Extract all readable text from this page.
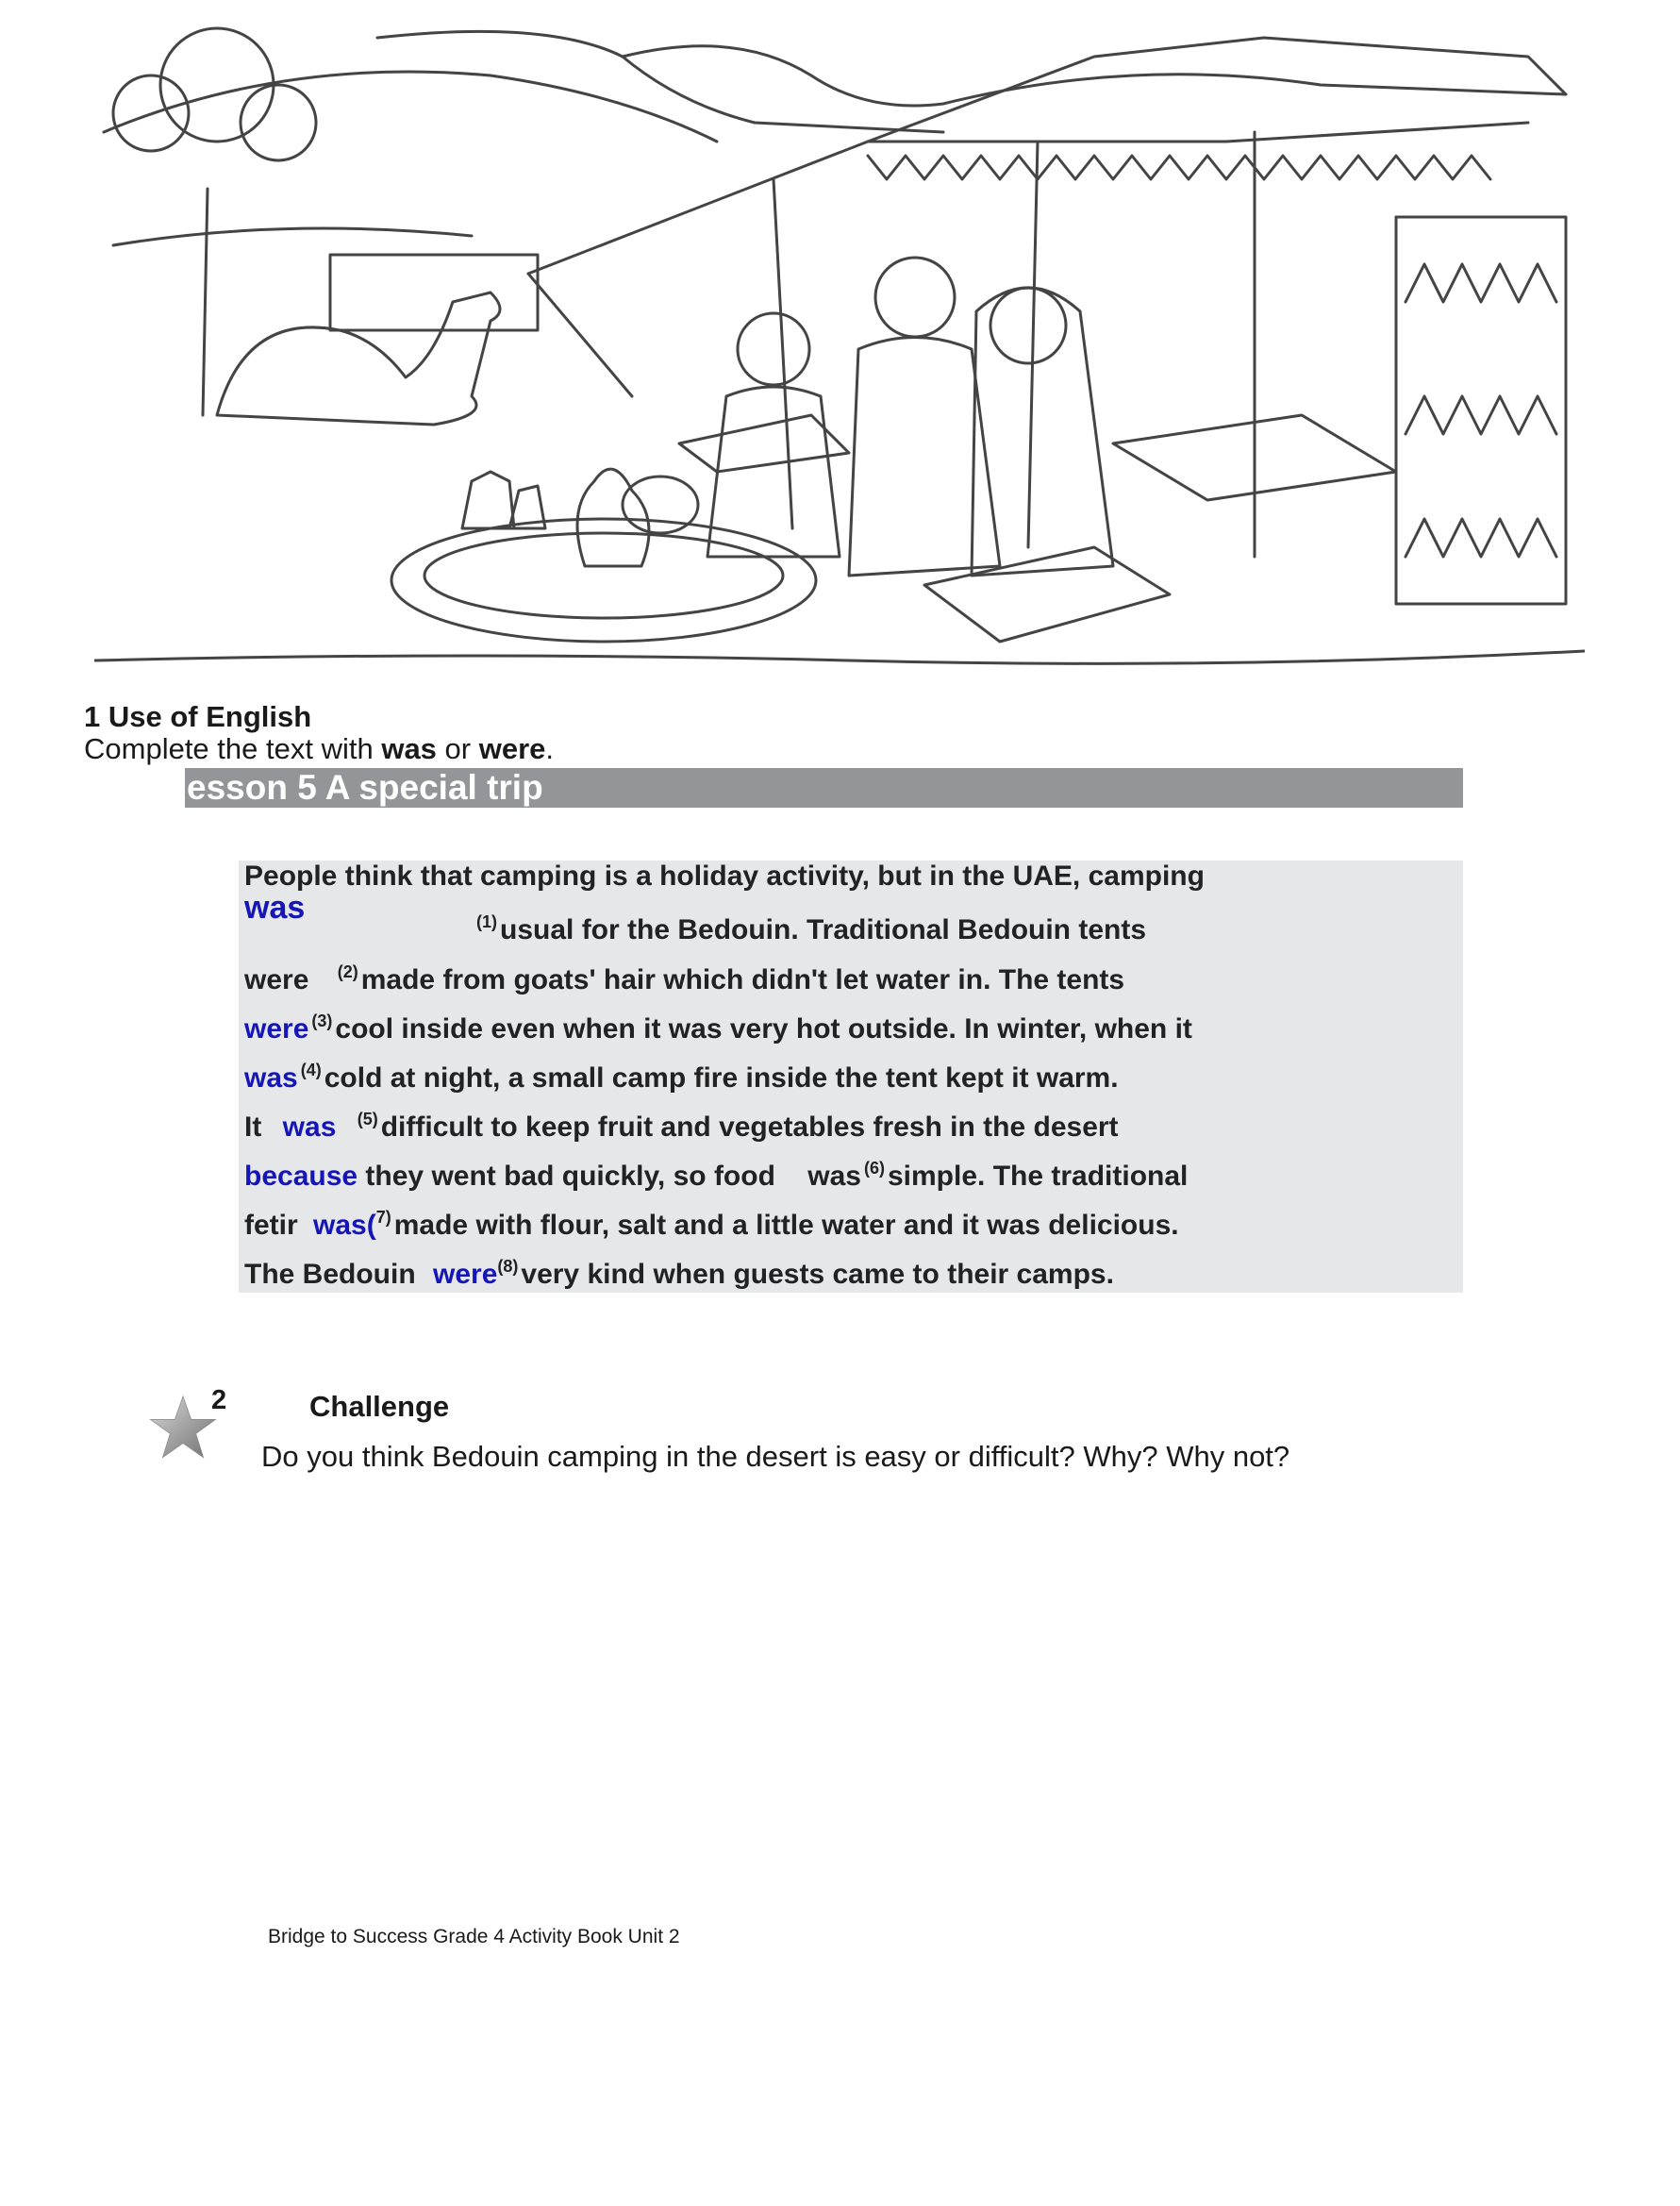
1 Use of English
Complete the text with was or were.
esson 5 A special trip
People think that camping is a holiday activity, but in the UAE, camping
was	$^{(1)}$ usual for the Bedouin. Traditional Bedouin tents
were $^{(2)}$ made from goats' hair which didn't let water in. The tents
were $^{(3)}$ cool inside even when it was very hot outside. In winter, when it
was $^{(4)}$ cold at night, a small camp fire inside the tent kept it warm.
It was $^{(5)}$ difficult to keep fruit and vegetables fresh in the desert
because they went bad quickly, so food was $^{(6)}$ simple. The traditional
fetir was($^{7)}$ made with flour, salt and a little water and it was delicious.
The Bedouin were$^{(8)}$ very kind when guests came to their camps.
2	Challenge
Do you think Bedouin camping in the desert is easy or difficult? Why? Why not?
Bridge to Success Grade 4 Activity Book Unit 2
